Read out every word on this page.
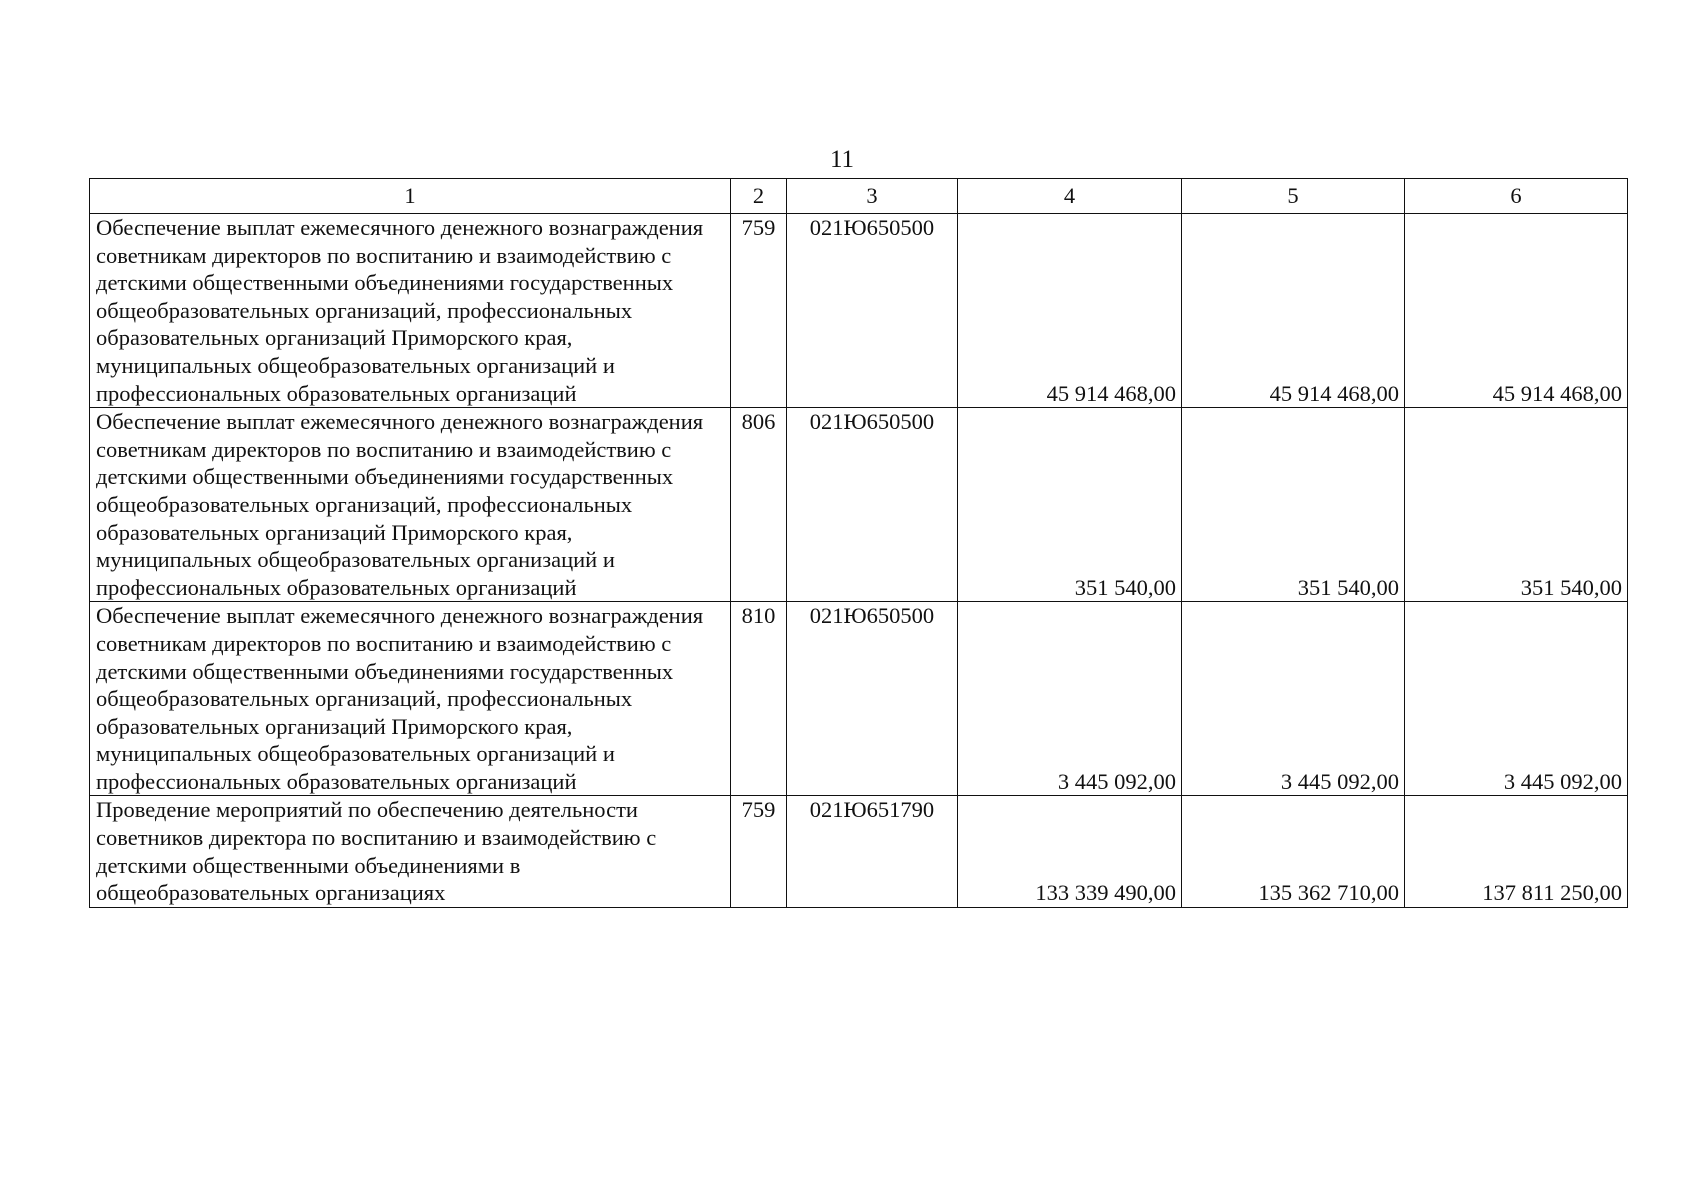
11
1	2	3	4	5	6
Обеспечение выплат ежемесячного денежного вознаграждения советникам директоров по воспитанию и взаимодействию с детскими общественными объединениями государственных общеобразовательных организаций, профессиональных образовательных организаций Приморского края, муниципальных общеобразовательных организаций и профессиональных образовательных организаций	759	021Ю650500	45 914 468,00	45 914 468,00	45 914 468,00
Обеспечение выплат ежемесячного денежного вознаграждения советникам директоров по воспитанию и взаимодействию с детскими общественными объединениями государственных общеобразовательных организаций, профессиональных образовательных организаций Приморского края, муниципальных общеобразовательных организаций и профессиональных образовательных организаций	806	021Ю650500	351 540,00	351 540,00	351 540,00
Обеспечение выплат ежемесячного денежного вознаграждения советникам директоров по воспитанию и взаимодействию с детскими общественными объединениями государственных общеобразовательных организаций, профессиональных образовательных организаций Приморского края, муниципальных общеобразовательных организаций и профессиональных образовательных организаций	810	021Ю650500	3 445 092,00	3 445 092,00	3 445 092,00
Проведение мероприятий по обеспечению деятельности советников директора по воспитанию и взаимодействию с детскими общественными объединениями в общеобразовательных организациях	759	021Ю651790	133 339 490,00	135 362 710,00	137 811 250,00
